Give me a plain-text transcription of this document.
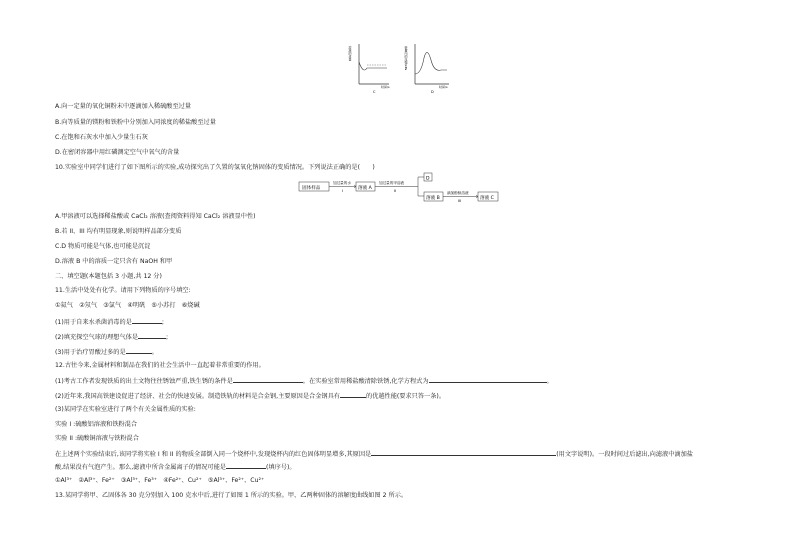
溶液的质量
时间/s
C
装置内的压强/kPa
时间/s
D
A.向一定量的氧化铜粉末中逐滴加入稀硫酸至过量
B.向等质量的镁粉和铁粉中分别加入同浓度的稀盐酸至过量
C.在饱和石灰水中加入少量生石灰
D.在密闭容器中用红磷测定空气中氧气的含量
10.实验室中同学们进行了如下图所示的实验,成功探究出了久置的氢氧化钠固体的变质情况。下列说法正确的是(　　)
固体样品
加过量的水
I	溶液 A
加过量的甲溶液
II
D
溶液 B
滴加酚酞溶液
III	溶液 C
A.甲溶液可以选择稀盐酸或 CaCl₂ 溶液(查阅资料得知 CaCl₂ 溶液显中性)
B.若 II、III 均有明显现象,则说明样品部分变质
C.D 物质可能是气体,也可能是沉淀
D.溶液 B 中的溶质一定只含有 NaOH 和甲
二、填空题(本题包括 3 小题,共 12 分)
11.生活中处处有化学。请用下列物质的序号填空:
①氦气　②氖气　③氯气　④明矾　⑤小苏打　⑥烧碱
(1)用于自来水杀菌消毒的是	;
(2)填充探空气球的理想气体是	;
(3)用于治疗胃酸过多的是	。
12.古往今来,金属材料和制品在我们的社会生活中一直起着非常重要的作用。
(1)考古工作者发现铁质的出土文物往往锈蚀严重,铁生锈的条件是	。在实验室常用稀盐酸清除铁锈,化学方程式为	。
(2)近年来,我国高铁建设促进了经济、社会的快速发展。制造铁轨的材料是合金钢,主要原因是合金钢具有	的优越性能(要求只答一条)。
(3)某同学在实验室进行了两个有关金属性质的实验:
实验 I :硫酸铝溶液和铁粉混合
实验 II :硫酸铜溶液与铁粉混合
在上述两个实验结束后,该同学将实验 I 和 II 的物质全部倒入同一个烧杯中,发现烧杯内的红色固体明显增多,其原因是	(用文字说明)。一段时间过后滤出,向滤液中滴加盐
酸,结果没有气泡产生。那么,滤液中所含金属离子的情况可能是	(填序号)。
①Al³⁺　②Al³⁺、Fe²⁺　③Al³⁺、Fe³⁺　④Fe²⁺、Cu²⁺　⑤Al³⁺、Fe²⁺、Cu²⁺
13.某同学将甲、乙固体各 30 克分别加入 100 克水中后,进行了如图 1 所示的实验。甲、乙两种固体的溶解度曲线如图 2 所示。
